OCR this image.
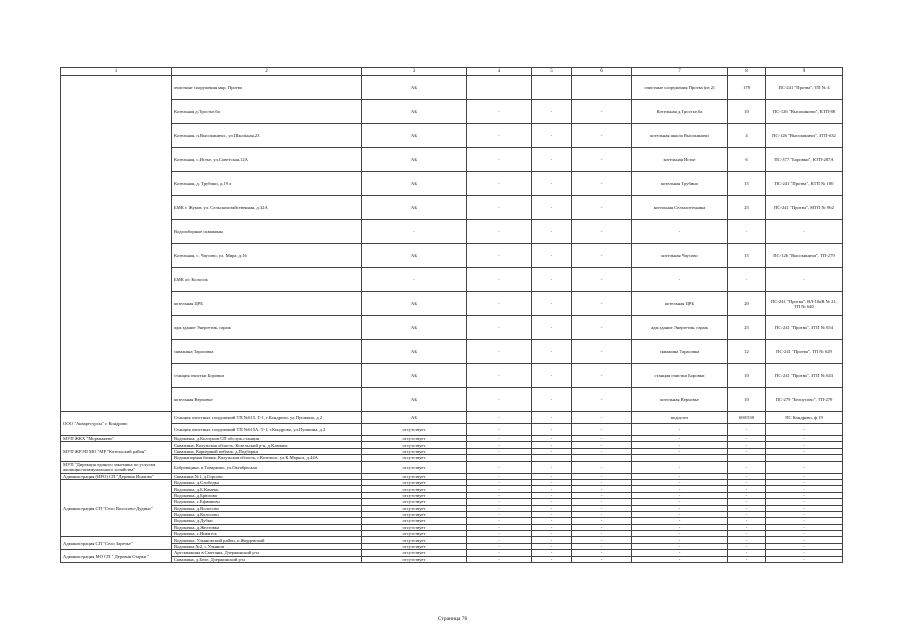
1	2	3	4	5	6	7	8	9
	очистные сооружения мкр. Протва	АБ				очистные сооружения Протва (из 2)	178	ПС-241 "Протва", ТП № 4
	Котельная д.Тростье,6а	АБ	-	-	-	Котельная д.Тростье,6а	10	ПС-126 "Высокиничи", КТП-88
	Котельная, п.Высокиничи., ул.Школьная,23	АБ	-	-	-	котельная школа Высокиничи	4	ПС-126 "Высокиничи", ЗТП-632
	Котельная, с.Истье, ул.Советская,12А	АБ	-	-	-	котельная Истье	6	ПС-377 "Боровки", КТП-287А
	Котельная, д. Трубино, д.19 а	АБ	-	-	-	котельная Трубино	15	ПС-241 "Протва", КТП № 180
	БМК г. Жуков, ул. Сельскохозяйственная, д.32А	АБ	-	-	-	котельная Сельхозтехника	25	ПС-241 "Протва", МТП № 962
	Водозаборные скважины	-	-	-	-	-	-	-
	Котельная, с. Чаусово, ул. Мира, д.16	АБ	-	-	-	котельная Чаусово	15	ПС-126 "Высокиничи", ТП-279
	БМК а/с Колосок	-	-	-	-	-	-	-
	котельная ЦРБ	АБ	-	-	-	котельная ЦРБ	20	ПС-241 "Протва", ВЛ-10кВ № 21, ТП № 640
	адм.здание Энергетик, гараж	АБ	-	-	-	адм.здание Энергетик, гараж	25	ПС-241 "Протва", ЗТП № 654
	скважина Тарасовка	АБ	-	-	-	скважина Тарасовка	12	ПС-241 "Протва", ТП № 629
	станция очистки Боровки	АБ	-	-	-	станция очистки Боровки	10	ПС-241 "Протва", ЗТП № 643
	котельная Верховье	АБ	-	-	-	котельная Верховье	10	ПС-279 "Белоусово", ТП-279
ООО "Акваресурсы" г. Кондрово	Станция очистных сооружений ТП №615, Т-1, г.Кондрово, ул.Пушкина, д.2	АБ	-	-	-	водоузел	600/530	ПС Кондрово, ф.19
	Станция очистных сооружений ТП №615А, Т-1, г.Кондрово, ул.Пушкина, д.2	отсутствует	-	-	-	-	-	-
МУП ЖКХ "Мормыжево"	Водокачка, д.Коллунов СП обслуж.станции	отсутствует	-	-	-	-	-	-
МУП ЖРЭП МО "МР "Козельский район"	Скважина, Калужская область, Козельский р-н, д.Клюквы	отсутствует	-	-	-	-	-	-
	Скважина, Карьерный пейзаж, д.Подборки	отсутствует	-	-	-	-	-	-
	Водонапорная башня, Калужская область, г.Козельск, ул.К.Маркса, д.44А	отсутствует						
МУП "Дирекция единого заказчика по услугам жилищно-коммунального хозяйства"	Бобровщина, п.Товарково, ул.Октябрьская	отсутствует	-	-	-	-	-	-
Администрация (ИРО) СП "Деревня Исаково"	Скважина №1, д.Горсово	отсутствует	-	-	-	-	-	-
Администрация СП "Село Волосово-Дудино"	Водокачка, д.Слободка	отсутствует	-	-	-	-	-	-
	Водокачка, д.Б.Камень	отсутствует	-	-	-	-	-	-
	Водокачка, д.Брюхово	отсутствует	-	-	-	-	-	-
	Водокачка, с.Ефимково	отсутствует	-	-	-	-	-	-
	Водокачка, д.Волосово	отсутствует	-	-	-	-	-	-
	Водокачка, д.Колосово	отсутствует	-	-	-	-	-	-
	Водокачка, д.Дубки	отсутствует	-	-	-	-	-	-
	Водокачка, д.Желтовка	отсутствует	-	-	-	-	-	-
	Водокачка, с.Никитск	отсутствует	-	-	-	-	-	-
Администрация СП "Село Заречье"	Водокачка, Ульяновский район, п.Жердевский	отсутствует	-	-	-	-	-	-
	Водокачка №2, с.Ульянов	отсутствует	-	-	-	-	-	-
Администрация МО СП " Деревня Старки "	Артскважина в.Сметаны, Дзержинский р-н	отсутствует	-	-	-	-	-	-
	Скважина, д.Беле, Дзержинский р-н	отсутствует	-	-	-	-	-	-
Страница 76
